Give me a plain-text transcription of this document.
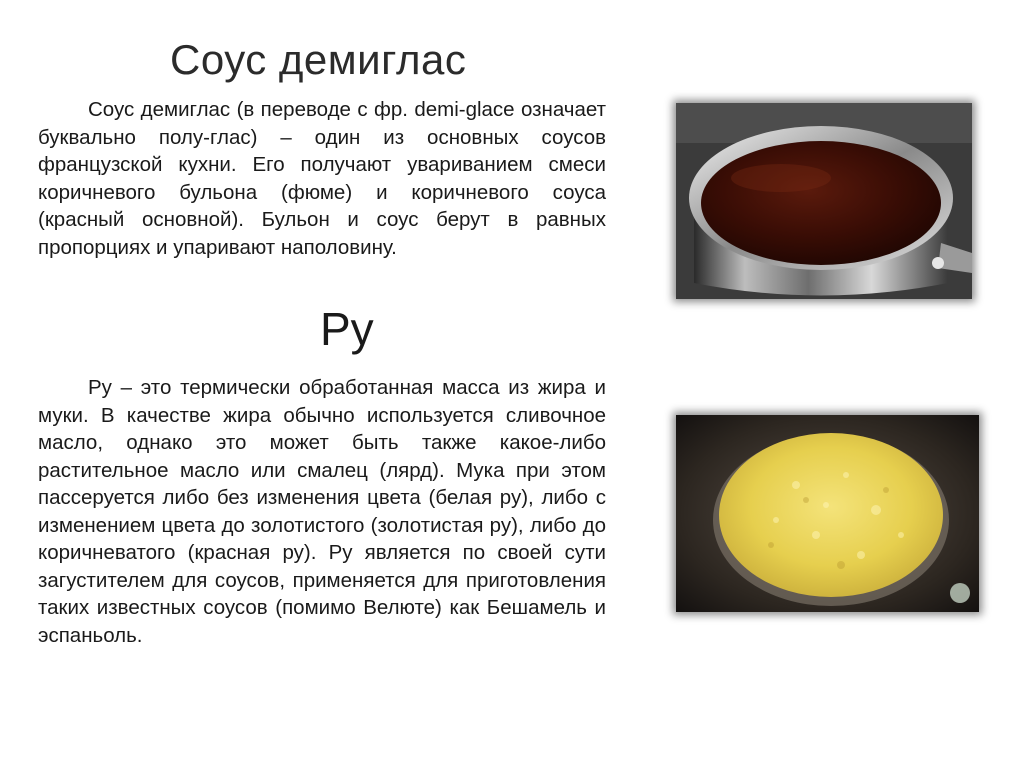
Соус демиглас

Соус демиглас (в переводе с фр. demi-glace означает буквально полу-глас) – один из основных соусов французской кухни. Его получают увариванием смеси коричневого бульона (фюме) и коричневого соуса (красный основной). Бульон и соус берут в равных пропорциях и упаривают наполовину.

Ру

Ру – это термически обработанная масса из жира и муки. В качестве жира обычно используется сливочное масло, однако это может быть также какое-либо растительное масло или смалец (лярд). Мука при этом пассеруется либо без изменения цвета (белая ру), либо с изменением цвета до золотистого (золотистая ру), либо до коричневатого (красная ру). Ру является по своей сути загустителем для соусов, применяется для приготовления таких известных соусов (помимо Велюте) как Бешамель и эспаньоль.
